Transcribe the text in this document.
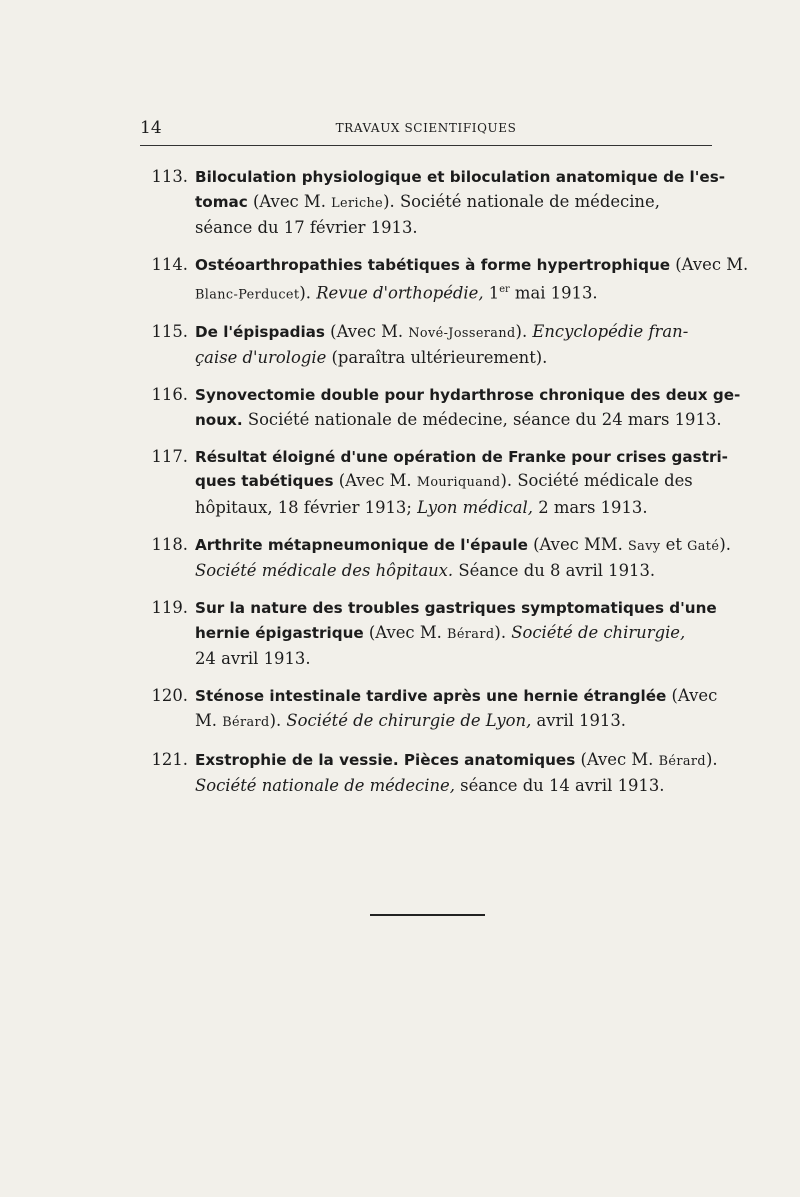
14	TRAVAUX SCIENTIFIQUES
113. Biloculation physiologique et biloculation anatomique de l'es-
tomac (Avec M. Leriche). Société nationale de médecine,
séance du 17 février 1913.
114. Ostéoarthropathies tabétiques à forme hypertrophique (Avec M.
Blanc-Perducet). Revue d'orthopédie, 1er mai 1913.
115. De l'épispadias (Avec M. Nové-Josserand). Encyclopédie fran-
çaise d'urologie (paraîtra ultérieurement).
116. Synovectomie double pour hydarthrose chronique des deux ge-
noux. Société nationale de médecine, séance du 24 mars 1913.
117. Résultat éloigné d'une opération de Franke pour crises gastri-
ques tabétiques (Avec M. Mouriquand). Société médicale des
hôpitaux, 18 février 1913; Lyon médical, 2 mars 1913.
118. Arthrite métapneumonique de l'épaule (Avec MM. Savy et Gaté).
Société médicale des hôpitaux. Séance du 8 avril 1913.
119. Sur la nature des troubles gastriques symptomatiques d'une
hernie épigastrique (Avec M. Bérard). Société de chirurgie,
24 avril 1913.
120. Sténose intestinale tardive après une hernie étranglée (Avec
M. Bérard). Société de chirurgie de Lyon, avril 1913.
121. Exstrophie de la vessie. Pièces anatomiques (Avec M. Bérard).
Société nationale de médecine, séance du 14 avril 1913.
